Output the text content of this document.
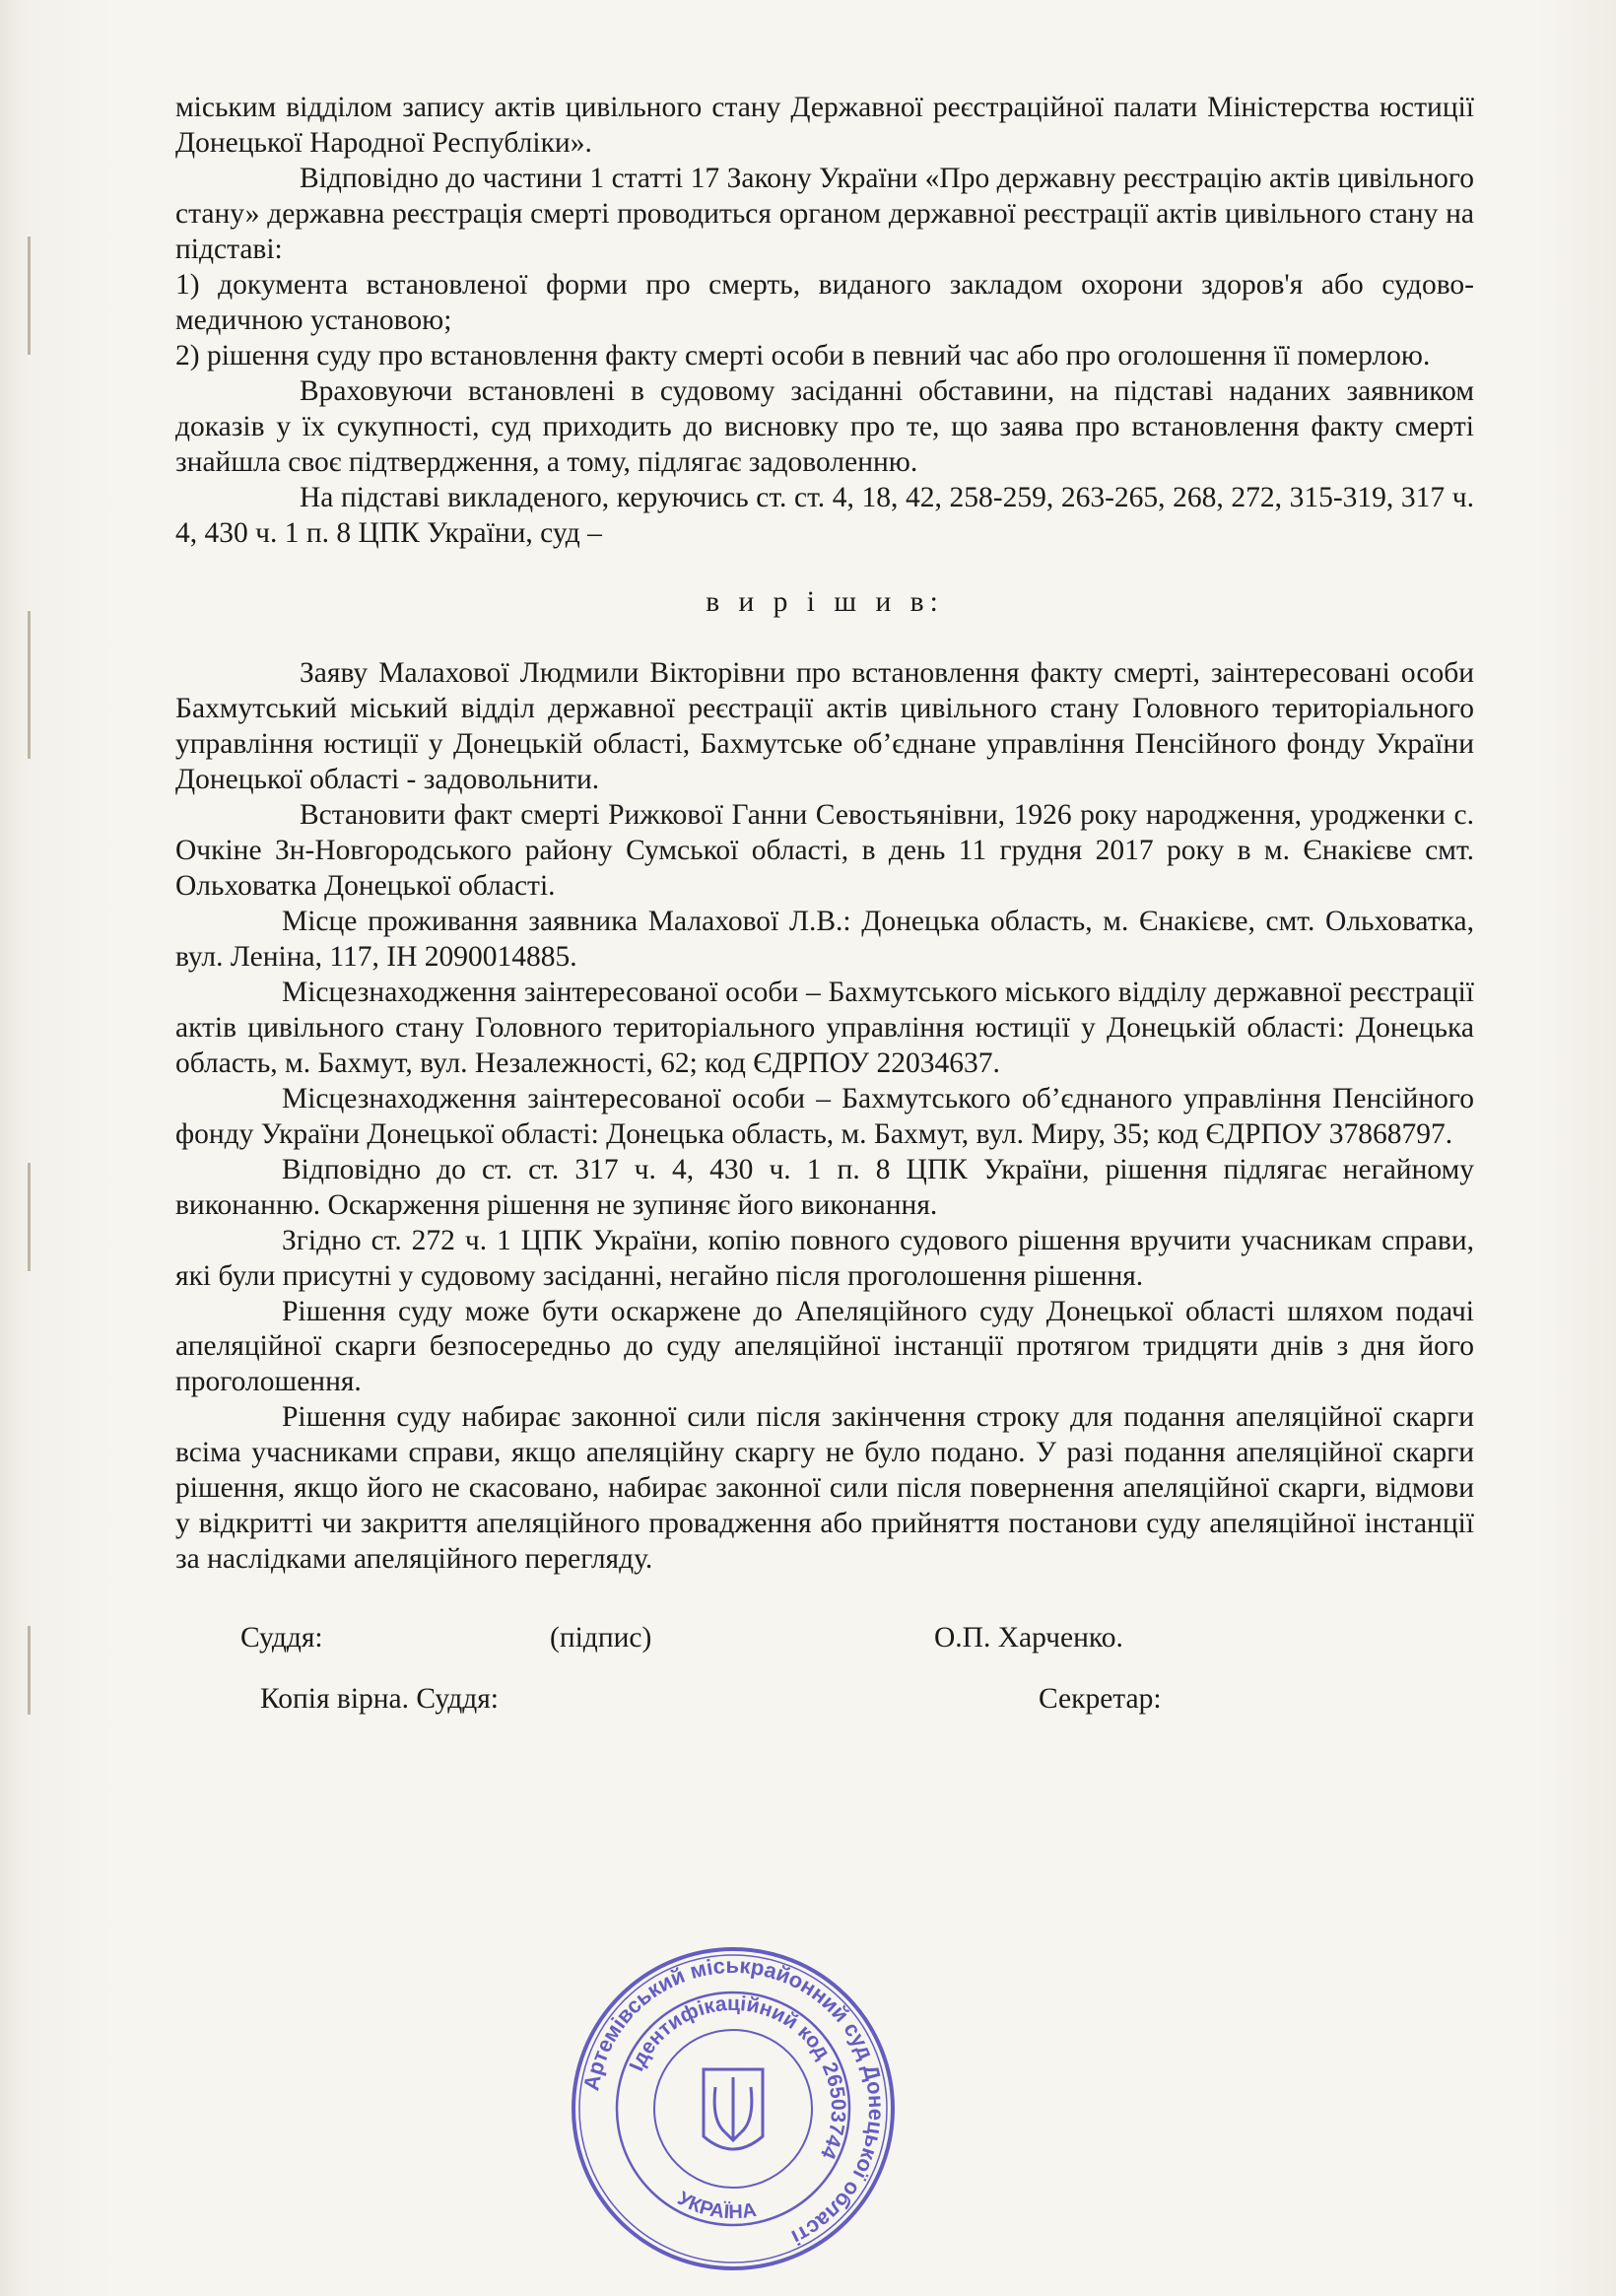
міським відділом запису актів цивільного стану Державної реєстраційної палати Міністерства юстиції Донецької Народної Республіки».

Відповідно до частини 1 статті 17 Закону України «Про державну реєстрацію актів цивільного стану» державна реєстрація смерті проводиться органом державної реєстрації актів цивільного стану на підставі:

1) документа встановленої форми про смерть, виданого закладом охорони здоров'я або судово-медичною установою;

2) рішення суду про встановлення факту смерті особи в певний час або про оголошення її померлою.

Враховуючи встановлені в судовому засіданні обставини, на підставі наданих заявником доказів у їх сукупності, суд приходить до висновку про те, що заява про встановлення факту смерті знайшла своє підтвердження, а тому, підлягає задоволенню.

На підставі викладеного, керуючись ст. ст. 4, 18, 42, 258-259, 263-265, 268, 272, 315-319, 317 ч. 4, 430 ч. 1 п. 8 ЦПК України, суд –

в и р і ш и в:

Заяву Малахової Людмили Вікторівни про встановлення факту смерті, заінтересовані особи Бахмутський міський відділ державної реєстрації актів цивільного стану Головного територіального управління юстиції у Донецькій області, Бахмутське об’єднане управління Пенсійного фонду України Донецької області - задовольнити.

Встановити факт смерті Рижкової Ганни Севостьянівни, 1926 року народження, уродженки с. Очкіне Зн-Новгородського району Сумської області, в день 11 грудня 2017 року в м. Єнакієве смт. Ольховатка Донецької області.

Місце проживання заявника Малахової Л.В.: Донецька область, м. Єнакієве, смт. Ольховатка, вул. Леніна, 117, ІН 2090014885.

Місцезнаходження заінтересованої особи – Бахмутського міського відділу державної реєстрації актів цивільного стану Головного територіального управління юстиції у Донецькій області: Донецька область, м. Бахмут, вул. Незалежності, 62; код ЄДРПОУ 22034637.

Місцезнаходження заінтересованої особи – Бахмутського об’єднаного управління Пенсійного фонду України Донецької області: Донецька область, м. Бахмут, вул. Миру, 35; код ЄДРПОУ 37868797.

Відповідно до ст. ст. 317 ч. 4, 430 ч. 1 п. 8 ЦПК України, рішення підлягає негайному виконанню. Оскарження рішення не зупиняє його виконання.

Згідно ст. 272 ч. 1 ЦПК України, копію повного судового рішення вручити учасникам справи, які були присутні у судовому засіданні, негайно після проголошення рішення.

Рішення суду може бути оскаржене до Апеляційного суду Донецької області шляхом подачі апеляційної скарги безпосередньо до суду апеляційної інстанції протягом тридцяти днів з дня його проголошення.

Рішення суду набирає законної сили після закінчення строку для подання апеляційної скарги всіма учасниками справи, якщо апеляційну скаргу не було подано. У разі подання апеляційної скарги рішення, якщо його не скасовано, набирає законної сили після повернення апеляційної скарги, відмови у відкритті чи закриття апеляційного провадження або прийняття постанови суду апеляційної інстанції за наслідками апеляційного перегляду.

Суддя:	(підпис)	О.П. Харченко.
Копія вірна. Суддя:	Секретар:
Артемівський міськрайонний суд Донецької області
Ідентифікаційний код 26503744
УКРАЇНА
